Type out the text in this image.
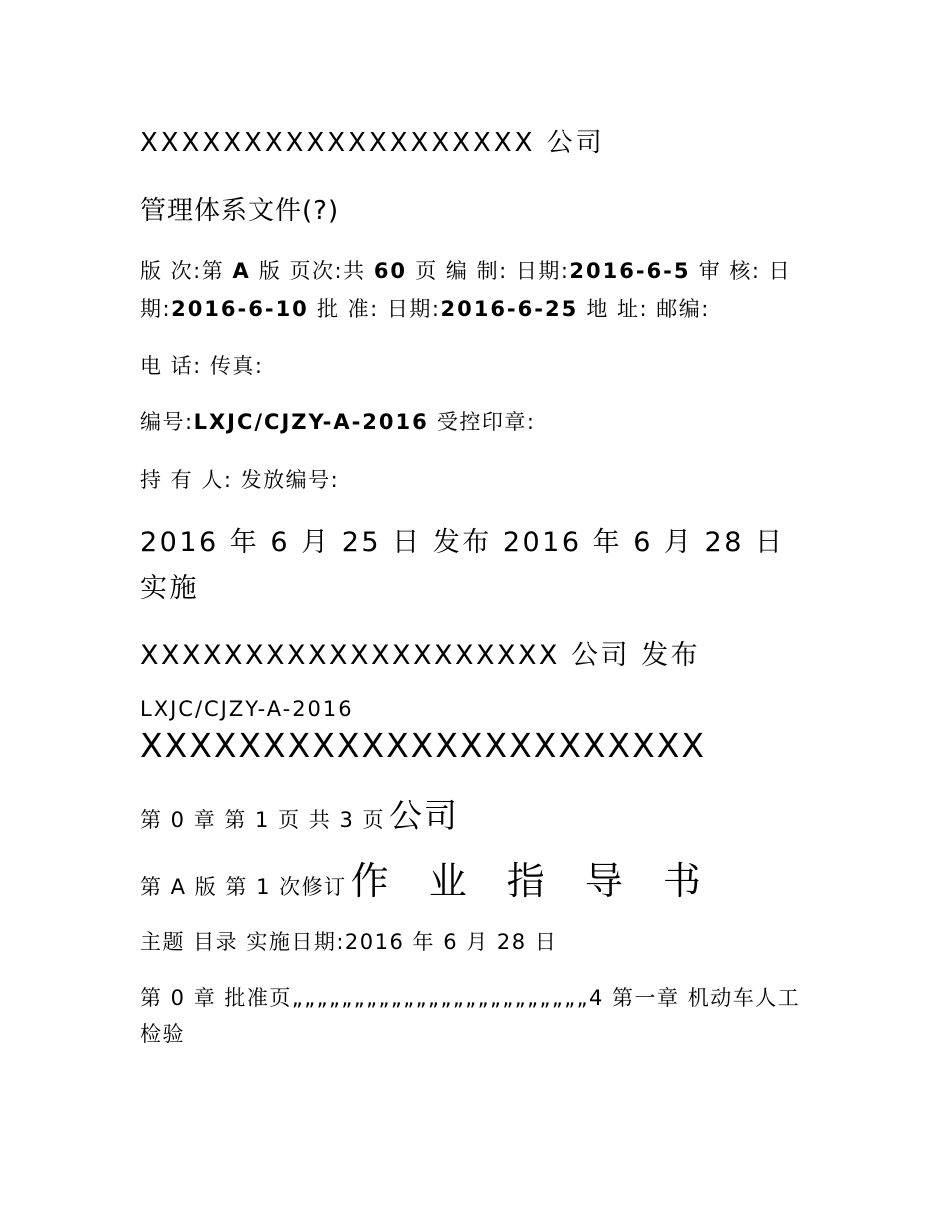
XXXXXXXXXXXXXXXXXXX 公司
管理体系文件(?)
版 次:第 A 版 页次:共 60 页 编 制: 日期:2016-6-5 审 核: 日期:2016-6-10 批 准: 日期:2016-6-25 地 址: 邮编:
电 话: 传真:
编号:LXJC/CJZY-A-2016 受控印章:
持 有 人: 发放编号:
2016 年 6 月 25 日 发布 2016 年 6 月 28 日 实施
XXXXXXXXXXXXXXXXXXXX 公司 发布
LXJC/CJZY-A-2016
XXXXXXXXXXXXXXXXXXXXXXX
第 0 章 第 1 页 共 3 页 公司
第 A 版 第 1 次修订 作 业 指 导 书
主题 目录 实施日期:2016 年 6 月 28 日
第 0 章 批准页„„„„„„„„„„„„„„„„„„„„„„„„4 第一章 机动车人工检验
